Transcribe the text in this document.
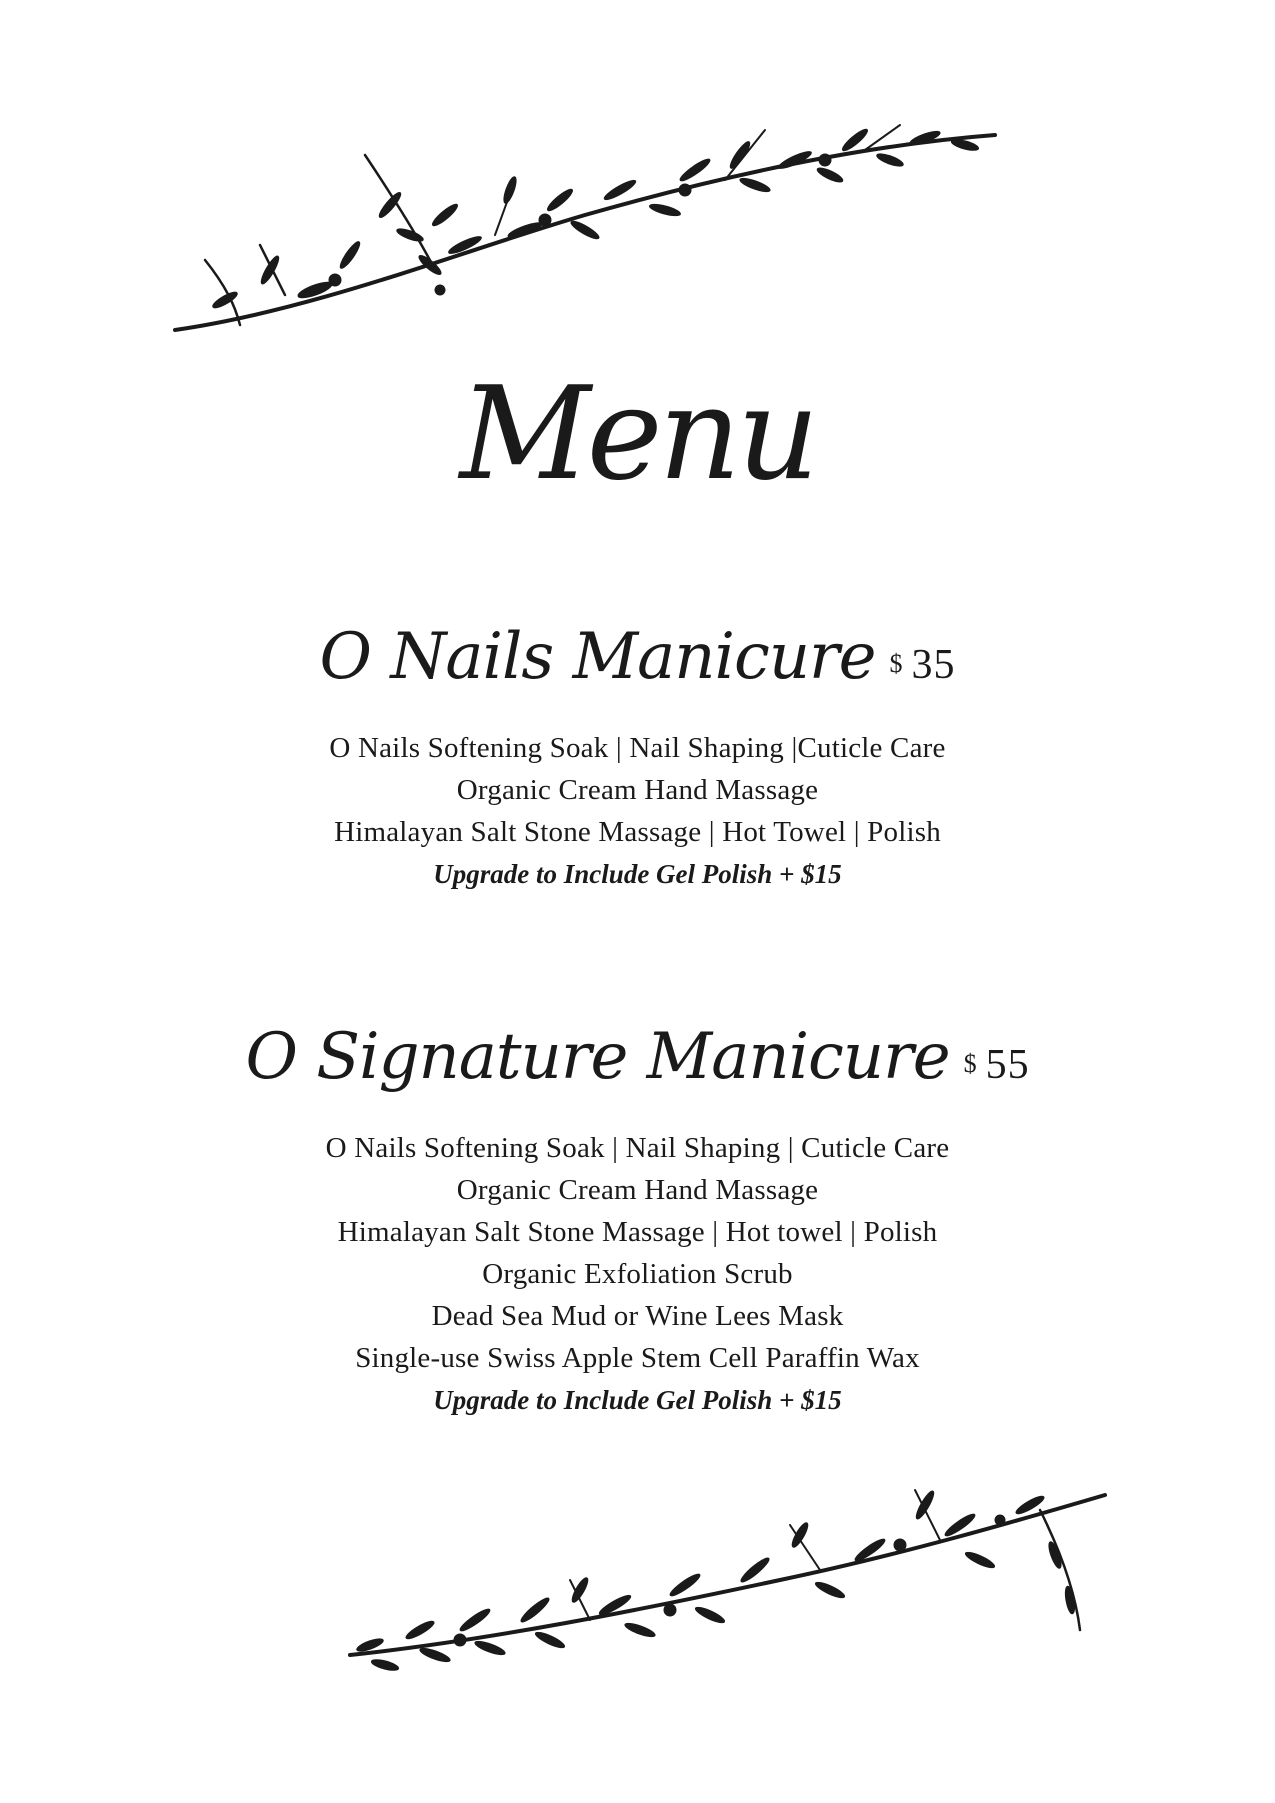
Menu
O Nails Manicure $ 35
O Nails Softening Soak | Nail Shaping |Cuticle Care
Organic Cream Hand Massage
Himalayan Salt Stone Massage | Hot Towel | Polish
Upgrade to Include Gel Polish + $15
O Signature Manicure $ 55
O Nails Softening Soak | Nail Shaping | Cuticle Care
Organic Cream Hand Massage
Himalayan Salt Stone Massage | Hot towel | Polish
Organic Exfoliation Scrub
Dead Sea Mud or Wine Lees Mask
Single-use Swiss Apple Stem Cell Paraffin Wax
Upgrade to Include Gel Polish + $15
